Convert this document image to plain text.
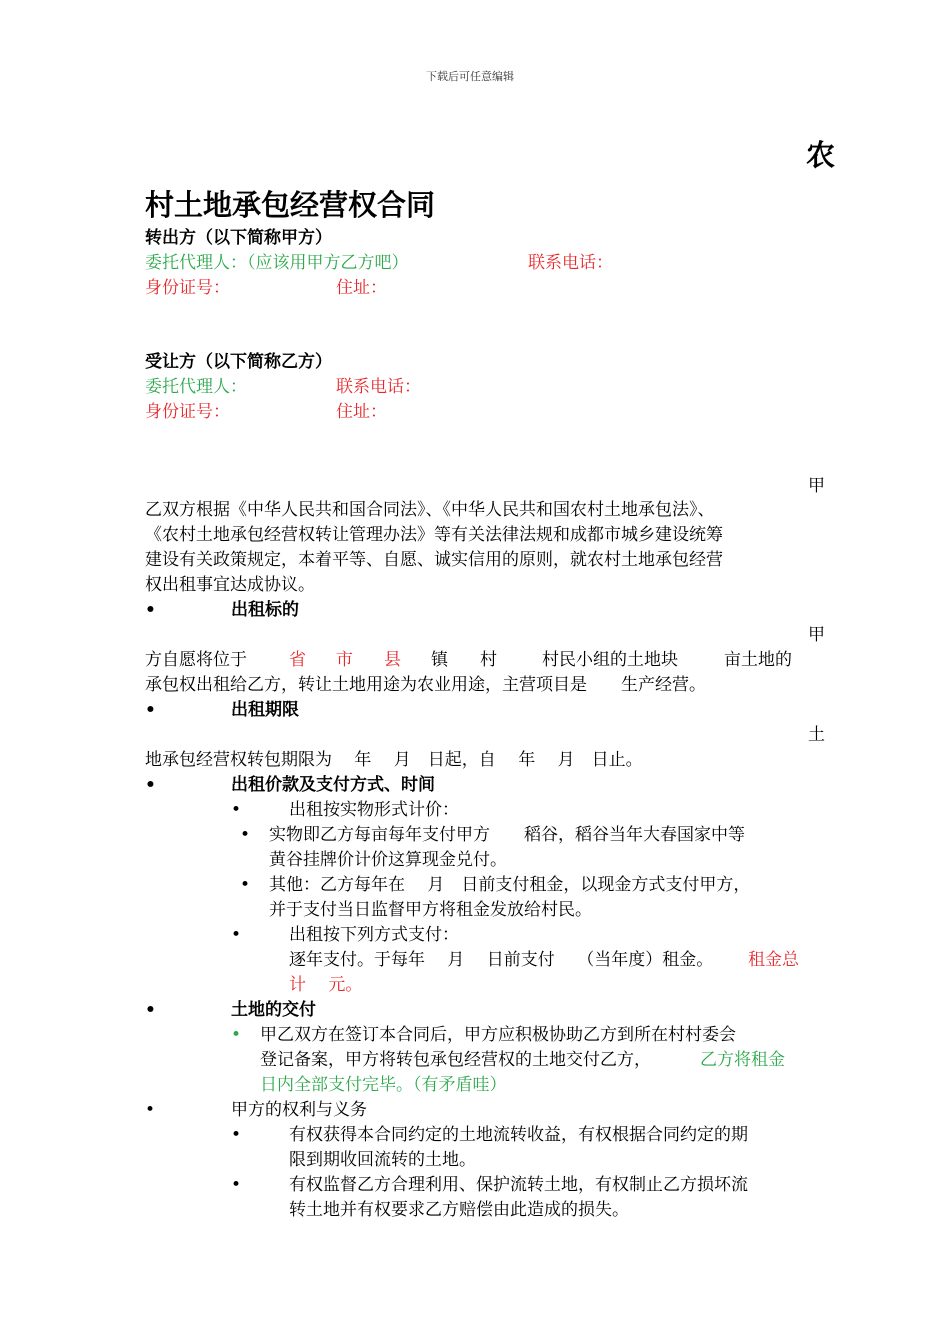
下载后可任意编辑
农
村土地承包经营权合同
转出方（以下简称甲方）
委托代理人：（应该用甲方乙方吧）	联系电话：
身份证号：	住址：
受让方（以下简称乙方）
委托代理人：	联系电话：
身份证号：	住址：
甲
乙双方根据《中华人民共和国合同法》、《中华人民共和国农村土地承包法》、
《农村土地承包经营权转让管理办法》等有关法律法规和成都市城乡建设统筹
建设有关政策规定，本着平等、自愿、诚实信用的原则，就农村土地承包经营
权出租事宜达成协议。
•	出租标的
甲
方自愿将位于 省 市 县 镇 村	村民小组的土地块	亩土地的
承包权出租给乙方，转让土地用途为农业用途，主营项目是　　生产经营。
•	出租期限
土
地承包经营权转包期限为　 年　 月　日起，自　 年　 月　日止。
•	出租价款及支付方式、时间
•	出租按实物形式计价：
• 实物即乙方每亩每年支付甲方　　稻谷，稻谷当年大春国家中等
黄谷挂牌价计价这算现金兑付。
• 其他：乙方每年在　 月　日前支付租金，以现金方式支付甲方，
并于支付当日监督甲方将租金发放给村民。
•	出租按下列方式支付：
逐年支付。于每年　 月　 日前支付　 （当年度）租金。 租金总
计　 元。
•	土地的交付
• 甲乙双方在签订本合同后，甲方应积极协助乙方到所在村村委会
登记备案，甲方将转包承包经营权的土地交付乙方，	乙方将租金
日内全部支付完毕。（有矛盾哇）
•	甲方的权利与义务
•	有权获得本合同约定的土地流转收益，有权根据合同约定的期
限到期收回流转的土地。
•	有权监督乙方合理利用、保护流转土地，有权制止乙方损坏流
转土地并有权要求乙方赔偿由此造成的损失。
